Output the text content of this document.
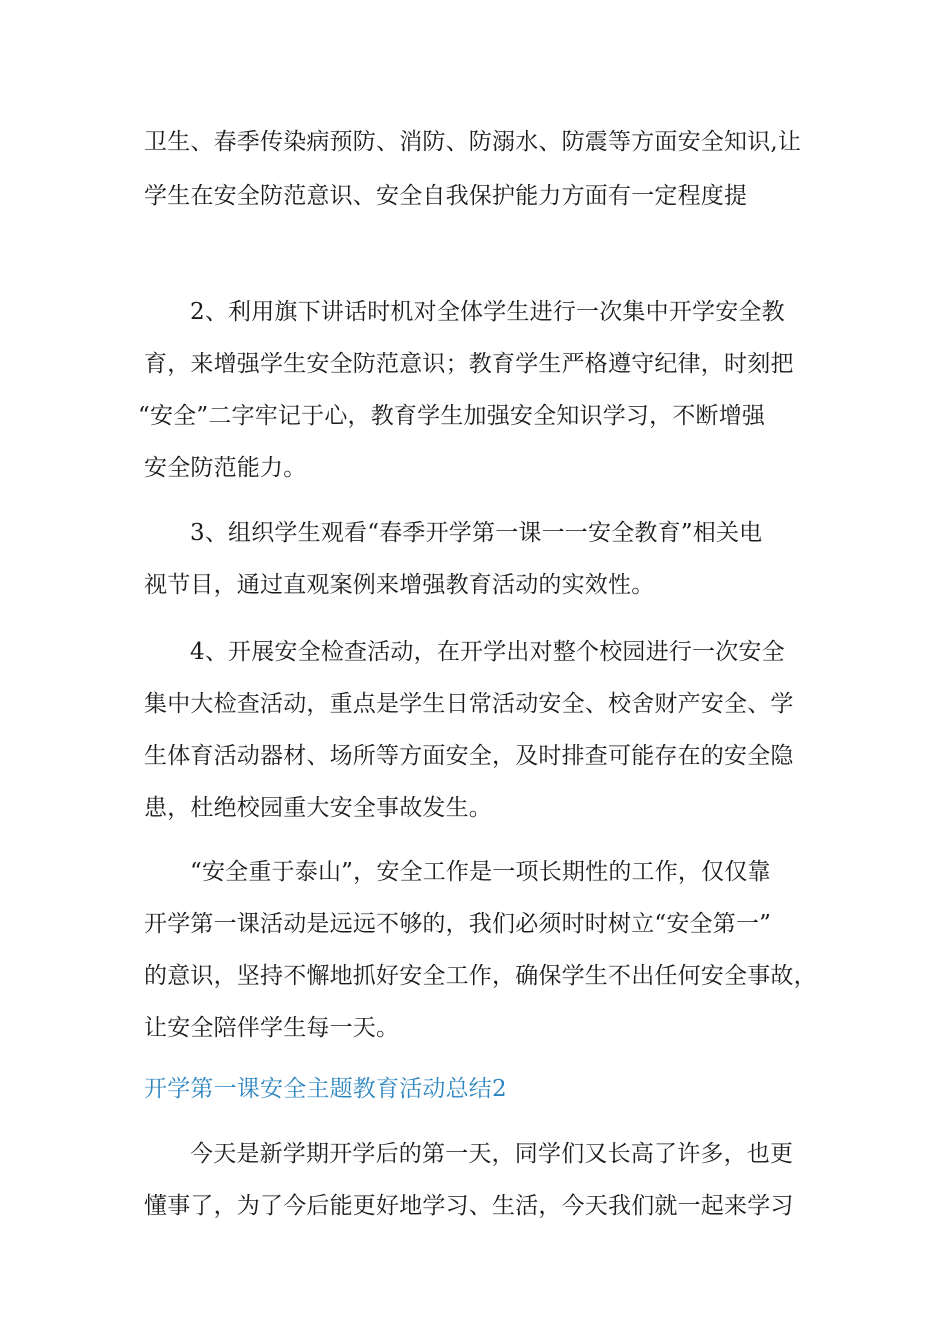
卫生、春季传染病预防、消防、防溺水、防震等方面安全知识,让
学生在安全防范意识、安全自我保护能力方面有一定程度提
2、利用旗下讲话时机对全体学生进行一次集中开学安全教
育，来增强学生安全防范意识；教育学生严格遵守纪律，时刻把
“安全”二字牢记于心，教育学生加强安全知识学习，不断增强
安全防范能力。
3、组织学生观看“春季开学第一课一一安全教育”相关电
视节目，通过直观案例来增强教育活动的实效性。
4、开展安全检查活动，在开学出对整个校园进行一次安全
集中大检查活动，重点是学生日常活动安全、校舍财产安全、学
生体育活动器材、场所等方面安全，及时排查可能存在的安全隐
患，杜绝校园重大安全事故发生。
“安全重于泰山”，安全工作是一项长期性的工作，仅仅靠
开学第一课活动是远远不够的，我们必须时时树立“安全第一”
的意识，坚持不懈地抓好安全工作，确保学生不出任何安全事故，
让安全陪伴学生每一天。
开学第一课安全主题教育活动总结2
今天是新学期开学后的第一天，同学们又长高了许多，也更
懂事了，为了今后能更好地学习、生活，今天我们就一起来学习
